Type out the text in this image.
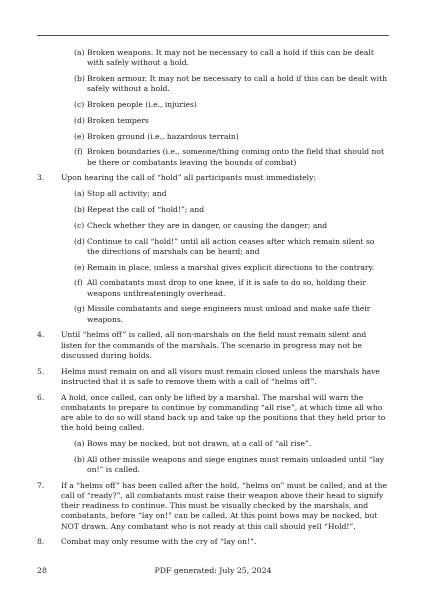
(a) Broken weapons. It may not be necessary to call a hold if this can be dealt with safely without a hold.
(b) Broken armour. It may not be necessary to call a hold if this can be dealt with safely without a hold.
(c) Broken people (i.e., injuries)
(d) Broken tempers
(e) Broken ground (i.e., hazardous terrain)
(f) Broken boundaries (i.e., someone/thing coming onto the field that should not be there or combatants leaving the bounds of combat)
3. Upon hearing the call of “hold” all participants must immediately:
(a) Stop all activity; and
(b) Repeat the call of “hold!”; and
(c) Check whether they are in danger, or causing the danger; and
(d) Continue to call “hold!” until all action ceases after which remain silent so the directions of marshals can be heard; and
(e) Remain in place, unless a marshal gives explicit directions to the contrary.
(f) All combatants must drop to one knee, if it is safe to do so, holding their weapons unthreateningly overhead.
(g) Missile combatants and siege engineers must unload and make safe their weapons.
4. Until “helms off” is called, all non-marshals on the field must remain silent and listen for the commands of the marshals. The scenario in progress may not be discussed during holds.
5. Helms must remain on and all visors must remain closed unless the marshals have instructed that it is safe to remove them with a call of “helms off”.
6. A hold, once called, can only be lifted by a marshal. The marshal will warn the combatants to prepare to continue by commanding “all rise”, at which time all who are able to do so will stand back up and take up the positions that they held prior to the hold being called.
(a) Bows may be nocked, but not drawn, at a call of “all rise”.
(b) All other missile weapons and siege engines must remain unloaded until “lay on!” is called.
7. If a “helms off” has been called after the hold, “helms on” must be called, and at the call of “ready?”, all combatants must raise their weapon above their head to signify their readiness to continue. This must be visually checked by the marshals, and combatants, before “lay on!” can be called. At this point bows may be nocked, but NOT drawn. Any combatant who is not ready at this call should yell “Hold!”.
8. Combat may only resume with the cry of “lay on!”.
28	PDF generated: July 25, 2024
